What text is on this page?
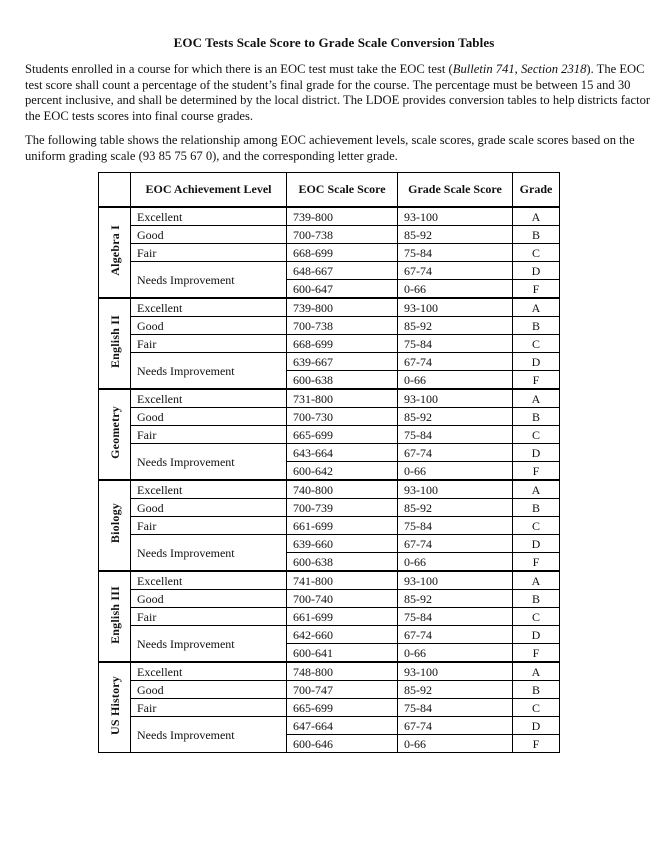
EOC Tests Scale Score to Grade Scale Conversion Tables

Students enrolled in a course for which there is an EOC test must take the EOC test (Bulletin 741, Section 2318). The EOC test score shall count a percentage of the student’s final grade for the course. The percentage must be between 15 and 30 percent inclusive, and shall be determined by the local district. The LDOE provides conversion tables to help districts factor the EOC tests scores into final course grades.

The following table shows the relationship among EOC achievement levels, scale scores, grade scale scores based on the uniform grading scale (93 85 75 67 0), and the corresponding letter grade.

	EOC Achievement Level	EOC Scale Score	Grade Scale Score	Grade
Algebra I	Excellent	739-800	93-100	A
	Good	700-738	85-92	B
	Fair	668-699	75-84	C
	Needs Improvement	648-667	67-74	D
		600-647	0-66	F
English II	Excellent	739-800	93-100	A
	Good	700-738	85-92	B
	Fair	668-699	75-84	C
	Needs Improvement	639-667	67-74	D
		600-638	0-66	F
Geometry	Excellent	731-800	93-100	A
	Good	700-730	85-92	B
	Fair	665-699	75-84	C
	Needs Improvement	643-664	67-74	D
		600-642	0-66	F
Biology	Excellent	740-800	93-100	A
	Good	700-739	85-92	B
	Fair	661-699	75-84	C
	Needs Improvement	639-660	67-74	D
		600-638	0-66	F
English III	Excellent	741-800	93-100	A
	Good	700-740	85-92	B
	Fair	661-699	75-84	C
	Needs Improvement	642-660	67-74	D
		600-641	0-66	F
US History	Excellent	748-800	93-100	A
	Good	700-747	85-92	B
	Fair	665-699	75-84	C
	Needs Improvement	647-664	67-74	D
		600-646	0-66	F
